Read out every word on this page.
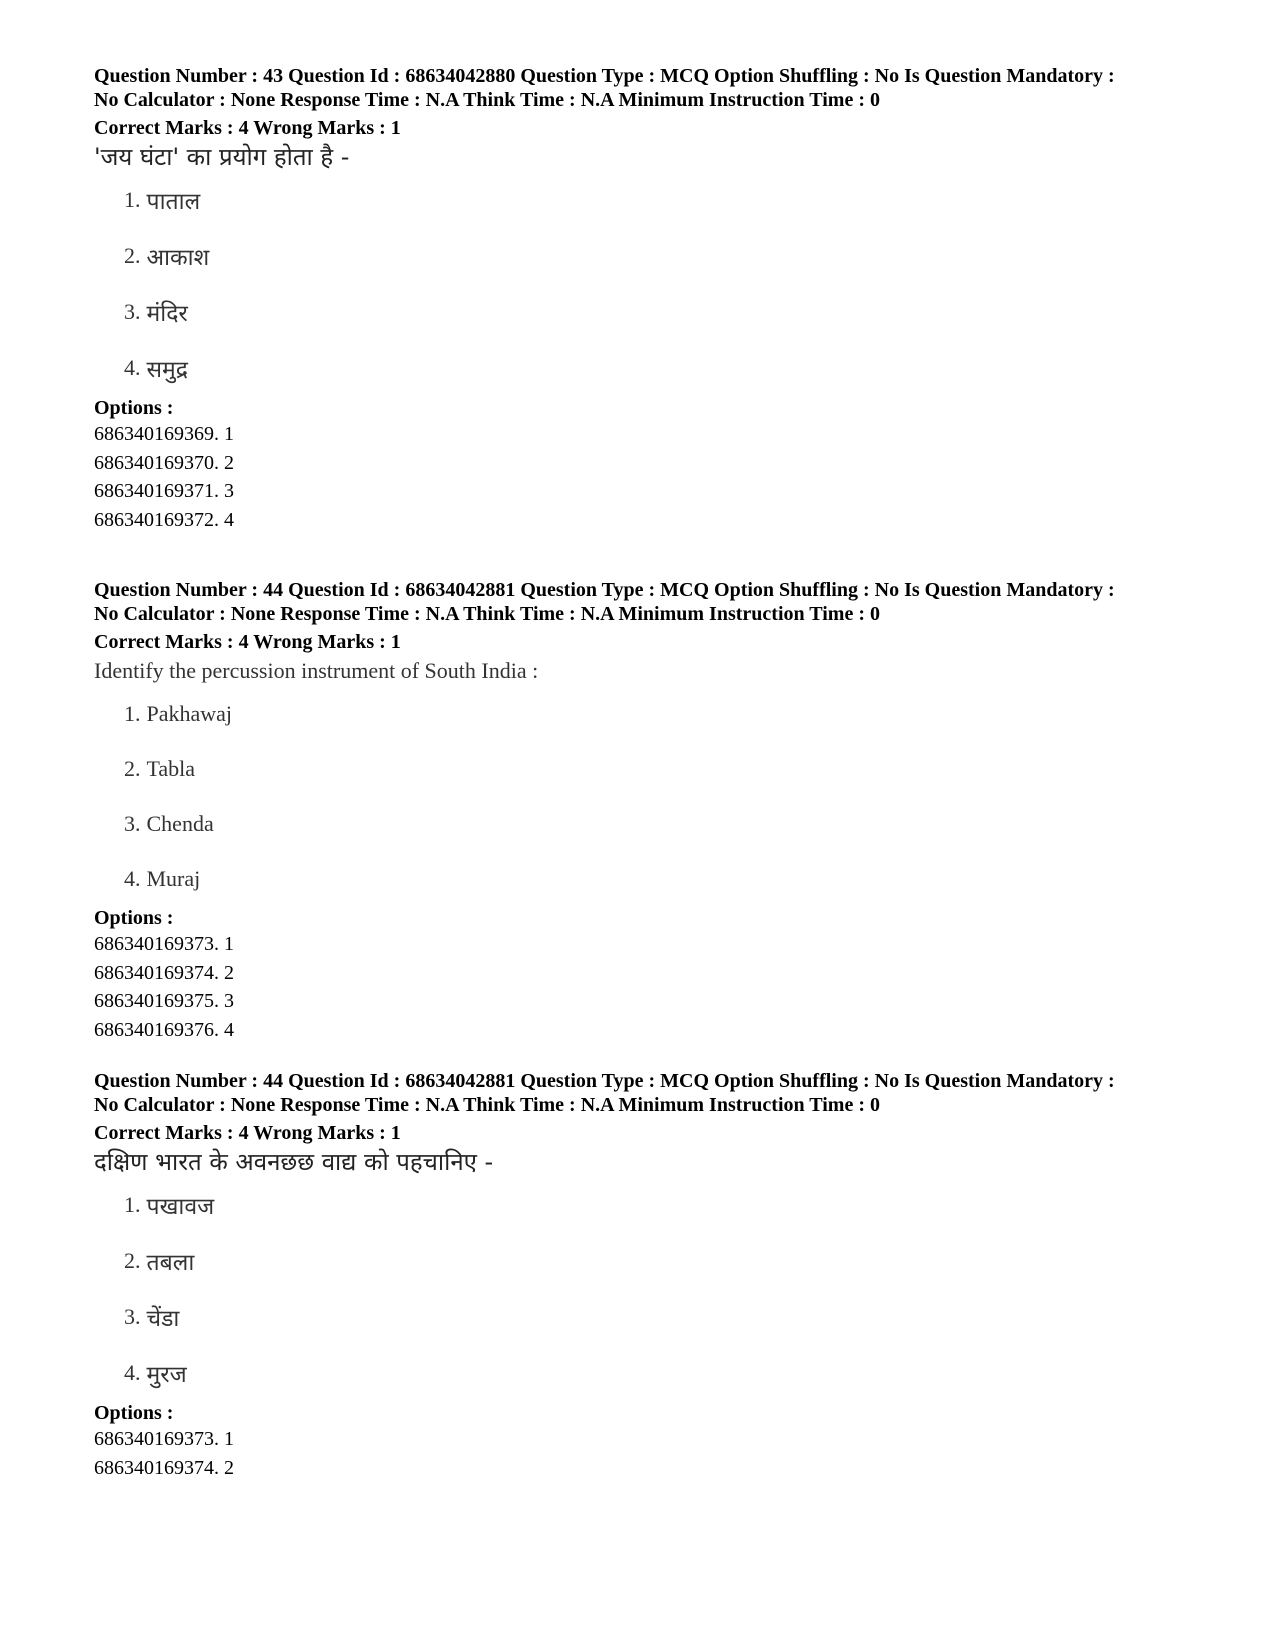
Question Number : 43 Question Id : 68634042880 Question Type : MCQ Option Shuffling : No Is Question Mandatory :

No Calculator : None Response Time : N.A Think Time : N.A Minimum Instruction Time : 0

Correct Marks : 4 Wrong Marks : 1
'जय घंटा' का प्रयोग होता है -
1. पाताल
2. आकाश
3. मंदिर
4. समुद्र
Options :
686340169369. 1
686340169370. 2
686340169371. 3
686340169372. 4

Question Number : 44 Question Id : 68634042881 Question Type : MCQ Option Shuffling : No Is Question Mandatory :

No Calculator : None Response Time : N.A Think Time : N.A Minimum Instruction Time : 0

Correct Marks : 4 Wrong Marks : 1
Identify the percussion instrument of South India :
1. Pakhawaj
2. Tabla
3. Chenda
4. Muraj
Options :
686340169373. 1
686340169374. 2
686340169375. 3
686340169376. 4

Question Number : 44 Question Id : 68634042881 Question Type : MCQ Option Shuffling : No Is Question Mandatory :

No Calculator : None Response Time : N.A Think Time : N.A Minimum Instruction Time : 0

Correct Marks : 4 Wrong Marks : 1
दक्षिण भारत के अवनछछ वाद्य को पहचानिए -
1. पखावज
2. तबला
3. चेंडा
4. मुरज
Options :
686340169373. 1
686340169374. 2
